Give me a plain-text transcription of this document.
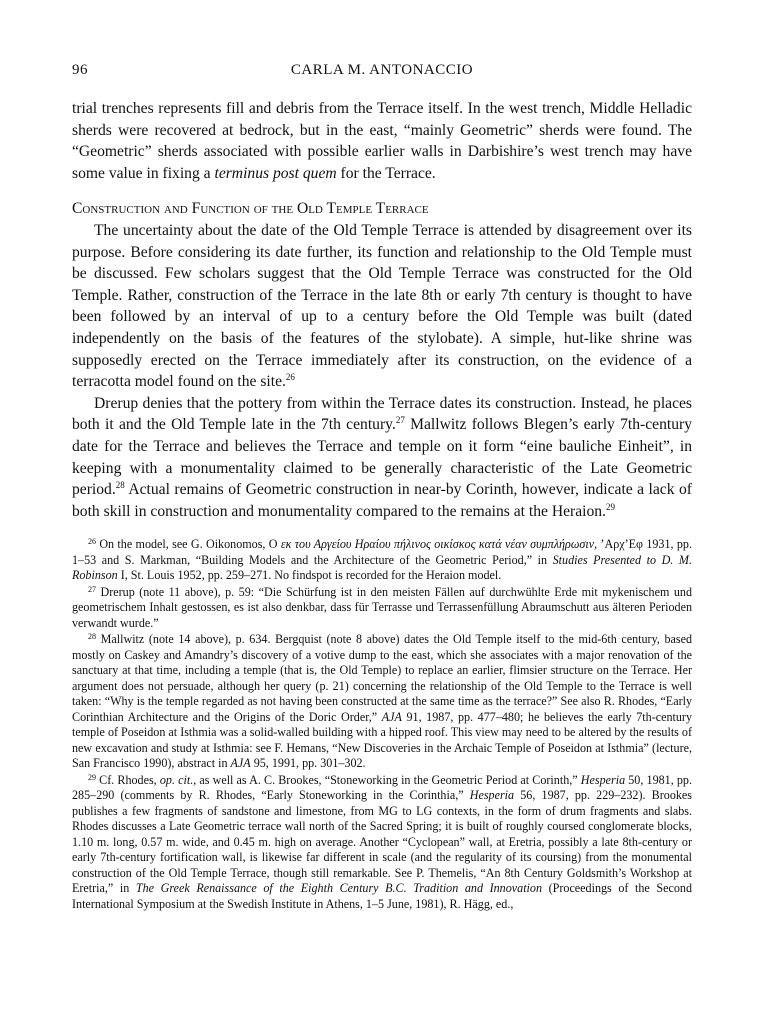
96	CARLA M. ANTONACCIO

trial trenches represents fill and debris from the Terrace itself. In the west trench, Middle Helladic sherds were recovered at bedrock, but in the east, “mainly Geometric” sherds were found. The “Geometric” sherds associated with possible earlier walls in Darbishire’s west trench may have some value in fixing a terminus post quem for the Terrace.

Construction and Function of the Old Temple Terrace

The uncertainty about the date of the Old Temple Terrace is attended by disagreement over its purpose. Before considering its date further, its function and relationship to the Old Temple must be discussed. Few scholars suggest that the Old Temple Terrace was constructed for the Old Temple. Rather, construction of the Terrace in the late 8th or early 7th century is thought to have been followed by an interval of up to a century before the Old Temple was built (dated independently on the basis of the features of the stylobate). A simple, hut-like shrine was supposedly erected on the Terrace immediately after its construction, on the evidence of a terracotta model found on the site.$^{26}$

Drerup denies that the pottery from within the Terrace dates its construction. Instead, he places both it and the Old Temple late in the 7th century.$^{27}$ Mallwitz follows Blegen’s early 7th-century date for the Terrace and believes the Terrace and temple on it form “eine bauliche Einheit”, in keeping with a monumentality claimed to be generally characteristic of the Late Geometric period.$^{28}$ Actual remains of Geometric construction in near-by Corinth, however, indicate a lack of both skill in construction and monumentality compared to the remains at the Heraion.$^{29}$

$^{26}$ On the model, see G. Oikonomos, Ο εκ του Αργείου Ηραίου πήλινος οικίσκος κατά νέαν συμπλήρωσιν, ’Αρχ’Εφ 1931, pp. 1–53 and S. Markman, “Building Models and the Architecture of the Geometric Period,” in Studies Presented to D. M. Robinson I, St. Louis 1952, pp. 259–271. No findspot is recorded for the Heraion model.

$^{27}$ Drerup (note 11 above), p. 59: “Die Schürfung ist in den meisten Fällen auf durchwühlte Erde mit mykenischem und geometrischem Inhalt gestossen, es ist also denkbar, dass für Terrasse und Terrassenfüllung Abraumschutt aus älteren Perioden verwandt wurde.”

$^{28}$ Mallwitz (note 14 above), p. 634. Bergquist (note 8 above) dates the Old Temple itself to the mid-6th century, based mostly on Caskey and Amandry’s discovery of a votive dump to the east, which she associates with a major renovation of the sanctuary at that time, including a temple (that is, the Old Temple) to replace an earlier, flimsier structure on the Terrace. Her argument does not persuade, although her query (p. 21) concerning the relationship of the Old Temple to the Terrace is well taken: “Why is the temple regarded as not having been constructed at the same time as the terrace?” See also R. Rhodes, “Early Corinthian Architecture and the Origins of the Doric Order,” AJA 91, 1987, pp. 477–480; he believes the early 7th-century temple of Poseidon at Isthmia was a solid-walled building with a hipped roof. This view may need to be altered by the results of new excavation and study at Isthmia: see F. Hemans, “New Discoveries in the Archaic Temple of Poseidon at Isthmia” (lecture, San Francisco 1990), abstract in AJA 95, 1991, pp. 301–302.

$^{29}$ Cf. Rhodes, op. cit., as well as A. C. Brookes, “Stoneworking in the Geometric Period at Corinth,” Hesperia 50, 1981, pp. 285–290 (comments by R. Rhodes, “Early Stoneworking in the Corinthia,” Hesperia 56, 1987, pp. 229–232). Brookes publishes a few fragments of sandstone and limestone, from MG to LG contexts, in the form of drum fragments and slabs. Rhodes discusses a Late Geometric terrace wall north of the Sacred Spring; it is built of roughly coursed conglomerate blocks, 1.10 m. long, 0.57 m. wide, and 0.45 m. high on average. Another “Cyclopean” wall, at Eretria, possibly a late 8th-century or early 7th-century fortification wall, is likewise far different in scale (and the regularity of its coursing) from the monumental construction of the Old Temple Terrace, though still remarkable. See P. Themelis, “An 8th Century Goldsmith’s Workshop at Eretria,” in The Greek Renaissance of the Eighth Century B.C. Tradition and Innovation (Proceedings of the Second International Symposium at the Swedish Institute in Athens, 1–5 June, 1981), R. Hägg, ed.,
